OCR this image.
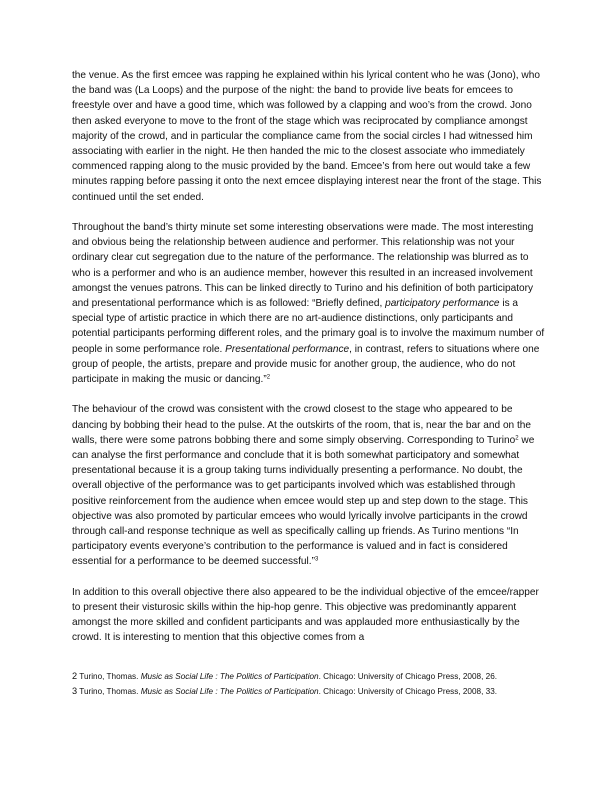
the venue. As the first emcee was rapping he explained within his lyrical content who he was (Jono), who the band was (La Loops) and the purpose of the night: the band to provide live beats for emcees to freestyle over and have a good time, which was followed by a clapping and woo’s from the crowd. Jono then asked everyone to move to the front of the stage which was reciprocated by compliance amongst majority of the crowd, and in particular the compliance came from the social circles I had witnessed him associating with earlier in the night. He then handed the mic to the closest associate who immediately commenced rapping along to the music provided by the band. Emcee’s from here out would take a few minutes rapping before passing it onto the next emcee displaying interest near the front of the stage. This continued until the set ended.

Throughout the band’s thirty minute set some interesting observations were made. The most interesting and obvious being the relationship between audience and performer. This relationship was not your ordinary clear cut segregation due to the nature of the performance. The relationship was blurred as to who is a performer and who is an audience member, however this resulted in an increased involvement amongst the venues patrons. This can be linked directly to Turino and his definition of both participatory and presentational performance which is as followed: “Briefly defined, participatory performance is a special type of artistic practice in which there are no art-audience distinctions, only participants and potential participants performing different roles, and the primary goal is to involve the maximum number of people in some performance role. Presentational performance, in contrast, refers to situations where one group of people, the artists, prepare and provide music for another group, the audience, who do not participate in making the music or dancing.”$^2$

The behaviour of the crowd was consistent with the crowd closest to the stage who appeared to be dancing by bobbing their head to the pulse. At the outskirts of the room, that is, near the bar and on the walls, there were some patrons bobbing there and some simply observing. Corresponding to Turino$^2$ we can analyse the first performance and conclude that it is both somewhat participatory and somewhat presentational because it is a group taking turns individually presenting a performance. No doubt, the overall objective of the performance was to get participants involved which was established through positive reinforcement from the audience when emcee would step up and step down to the stage. This objective was also promoted by particular emcees who would lyrically involve participants in the crowd through call-and response technique as well as specifically calling up friends. As Turino mentions “In participatory events everyone’s contribution to the performance is valued and in fact is considered essential for a performance to be deemed successful.”$^3$

In addition to this overall objective there also appeared to be the individual objective of the emcee/rapper to present their visturosic skills within the hip-hop genre. This objective was predominantly apparent amongst the more skilled and confident participants and was applauded more enthusiastically by the crowd. It is interesting to mention that this objective comes from a

2 Turino, Thomas. Music as Social Life : The Politics of Participation. Chicago: University of Chicago Press, 2008, 26.
3 Turino, Thomas. Music as Social Life : The Politics of Participation. Chicago: University of Chicago Press, 2008, 33.
